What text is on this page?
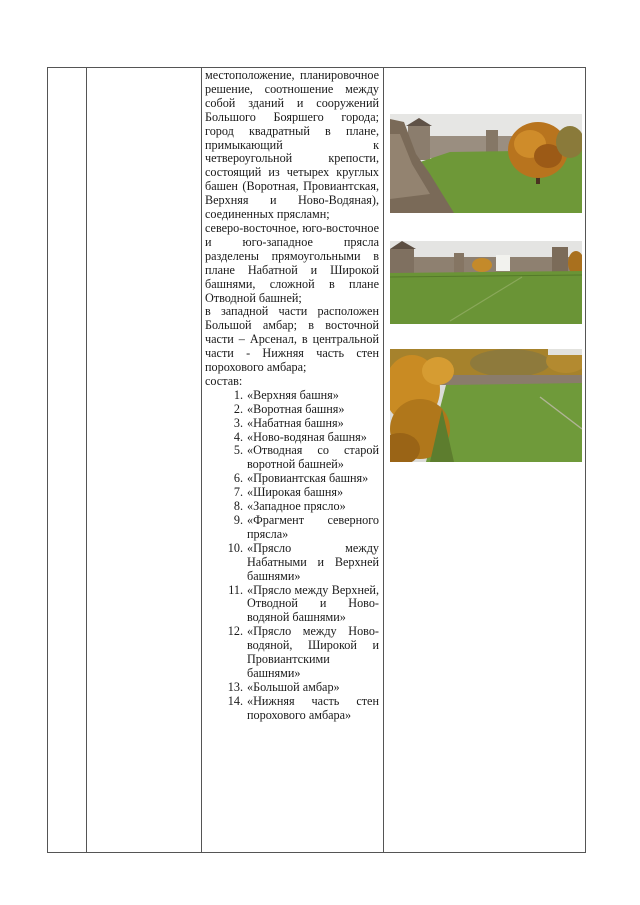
местоположение, планировочное решение, соотношение между собой зданий и сооружений Большого Бояршего города; город квадратный в плане, примыкающий к четвероугольной крепости, состоящий из четырех круглых башен (Воротная, Провиантская, Верхняя и Ново-Водяная), соединенных прясламн;

северо-восточное, юго-восточное и юго-западное прясла разделены прямоугольными в плане Набатной и Широкой башнями, сложной в плане Отводной башней;

в западной части расположен Большой амбар; в восточной части – Арсенал, в центральной части - Нижняя часть стен порохового амбара;

состав:

1. «Верхняя башня»
2. «Воротная башня»
3. «Набатная башня»
4. «Ново-водяная башня»
5. «Отводная со старой воротной башней»
6. «Провиантская башня»
7. «Широкая башня»
8. «Западное прясло»
9. «Фрагмент северного прясла»
10. «Прясло между Набатными и Верхней башнями»
11. «Прясло между Верхней, Отводной и Ново-водяной башнями»
12. «Прясло между Ново-водяной, Широкой и Провиантскими башнями»
13. «Большой амбар»
14. «Нижняя часть стен порохового амбара»
